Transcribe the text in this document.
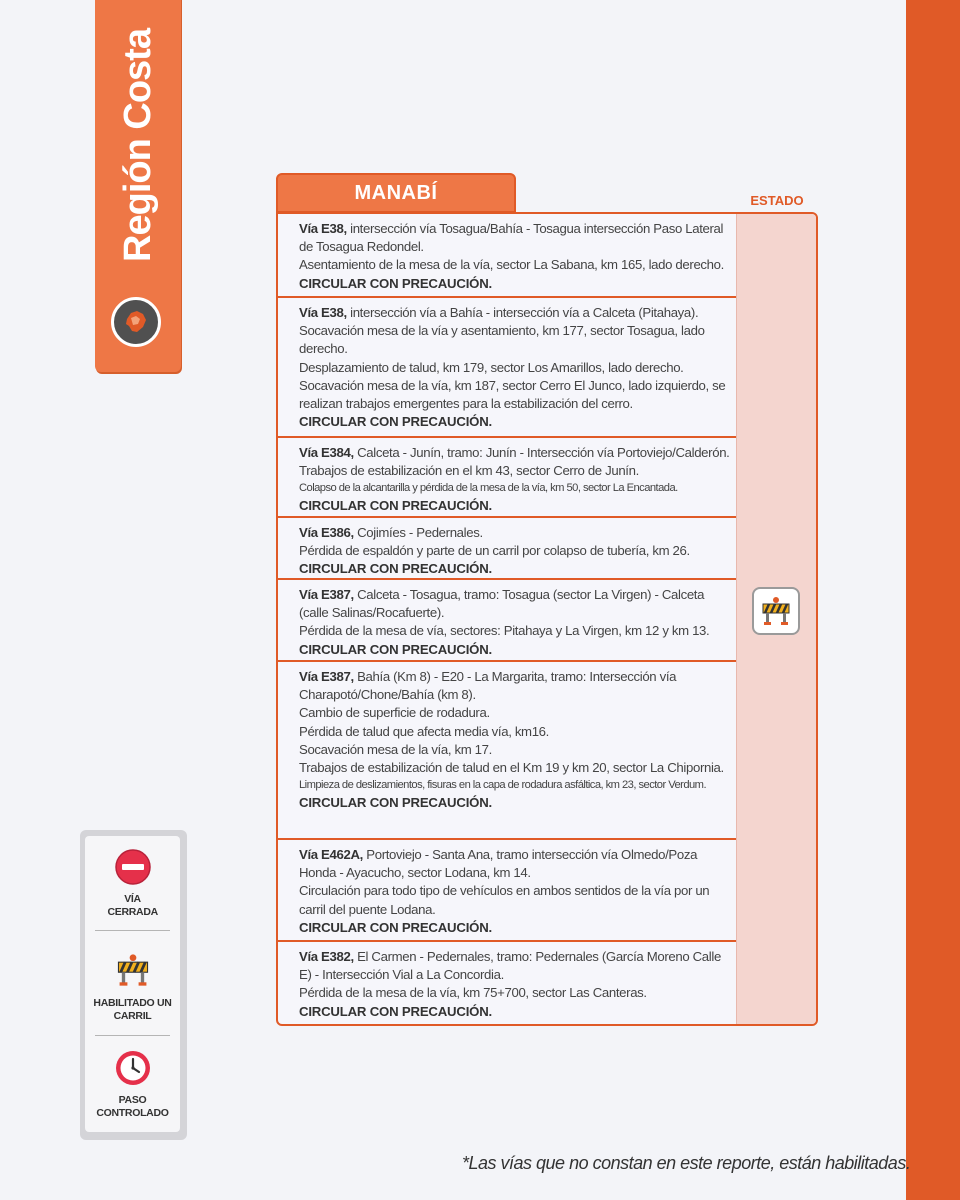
Región Costa	MANABÍ	ESTADO

Vía E38, intersección vía Tosagua/Bahía - Tosagua intersección Paso Lateral de Tosagua Redondel.

Asentamiento de la mesa de la vía, sector La Sabana, km 165, lado derecho.

CIRCULAR CON PRECAUCIÓN.

Vía E38, intersección vía a Bahía - intersección vía a Calceta (Pitahaya).

Socavación mesa de la vía y asentamiento, km 177, sector Tosagua, lado derecho.

Desplazamiento de talud, km 179, sector Los Amarillos, lado derecho.

Socavación mesa de la vía, km 187, sector Cerro El Junco, lado izquierdo, se realizan trabajos emergentes para la estabilización del cerro.

CIRCULAR CON PRECAUCIÓN.

Vía E384, Calceta - Junín, tramo: Junín - Intersección vía Portoviejo/Calderón.

Trabajos de estabilización en el km 43, sector Cerro de Junín.

Colapso de la alcantarilla y pérdida de la mesa de la vía, km 50, sector La Encantada.

CIRCULAR CON PRECAUCIÓN.

Vía E386, Cojimíes - Pedernales.

Pérdida de espaldón y parte de un carril por colapso de tubería, km 26.

CIRCULAR CON PRECAUCIÓN.

Vía E387, Calceta - Tosagua, tramo: Tosagua (sector La Virgen) - Calceta (calle Salinas/Rocafuerte).

Pérdida de la mesa de vía, sectores: Pitahaya y La Virgen, km 12 y km 13.

CIRCULAR CON PRECAUCIÓN.

Vía E387, Bahía (Km 8) - E20 - La Margarita, tramo: Intersección vía Charapotó/Chone/Bahía (km 8).

Cambio de superficie de rodadura.

Pérdida de talud que afecta media vía, km16.

Socavación mesa de la vía, km 17.

Trabajos de estabilización de talud en el Km 19 y km 20, sector La Chipornia.

Limpieza de deslizamientos, fisuras en la capa de rodadura asfáltica, km 23, sector Verdum.

CIRCULAR CON PRECAUCIÓN.

Vía E462A, Portoviejo - Santa Ana, tramo intersección vía Olmedo/Poza Honda - Ayacucho, sector Lodana, km 14.

Circulación para todo tipo de vehículos en ambos sentidos de la vía por un carril del puente Lodana.

CIRCULAR CON PRECAUCIÓN.

Vía E382, El Carmen - Pedernales, tramo: Pedernales (García Moreno Calle E) - Intersección Vial a La Concordia.

Pérdida de la mesa de la vía, km 75+700, sector Las Canteras.

CIRCULAR CON PRECAUCIÓN.

VÍA CERRADA
HABILITADO UN CARRIL
PASO CONTROLADO
*Las vías que no constan en este reporte, están habilitadas.
